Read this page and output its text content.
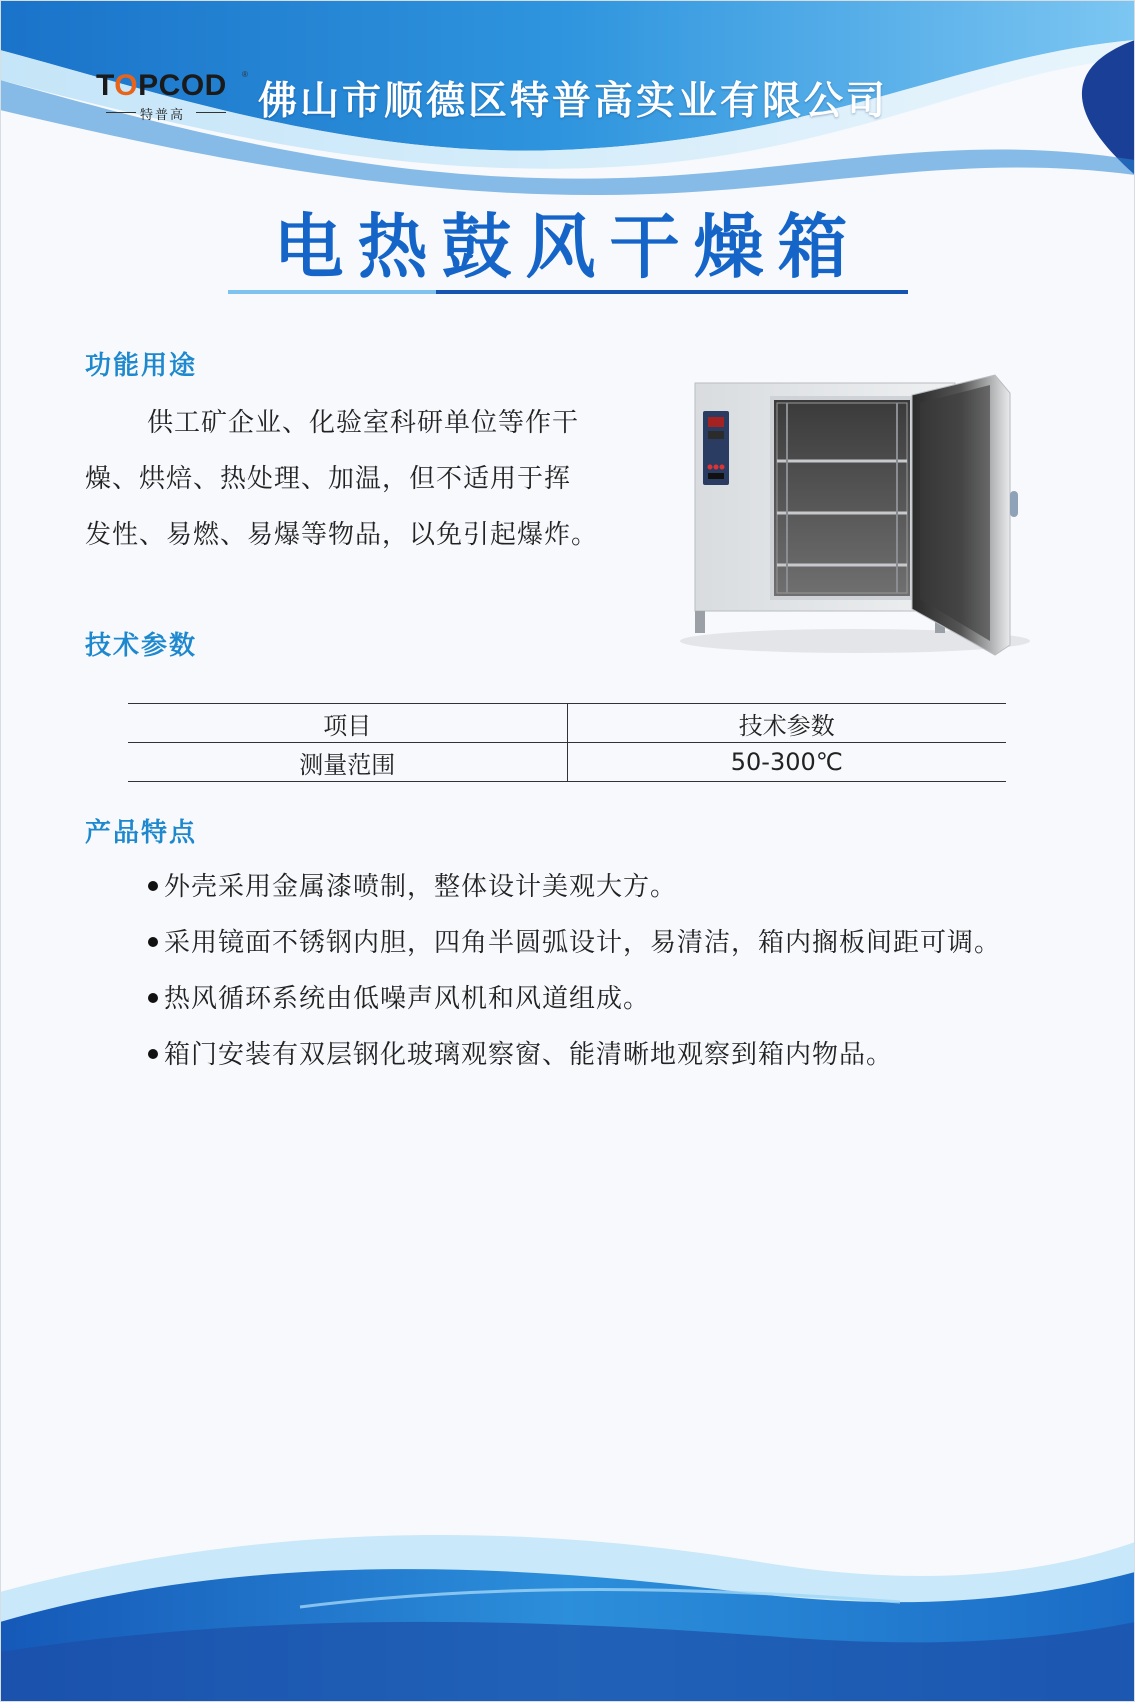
TOPCOD ®
特普高 佛山市顺德区特普高实业有限公司
电热鼓风干燥箱
功能用途
供工矿企业、化验室科研单位等作干
燥、烘焙、热处理、加温，但不适用于挥
发性、易燃、易爆等物品，以免引起爆炸。
技术参数
项目	技术参数
测量范围	50-300℃
产品特点
外壳采用金属漆喷制，整体设计美观大方。
采用镜面不锈钢内胆，四角半圆弧设计，易清洁，箱内搁板间距可调。
热风循环系统由低噪声风机和风道组成。
箱门安装有双层钢化玻璃观察窗、能清晰地观察到箱内物品。
